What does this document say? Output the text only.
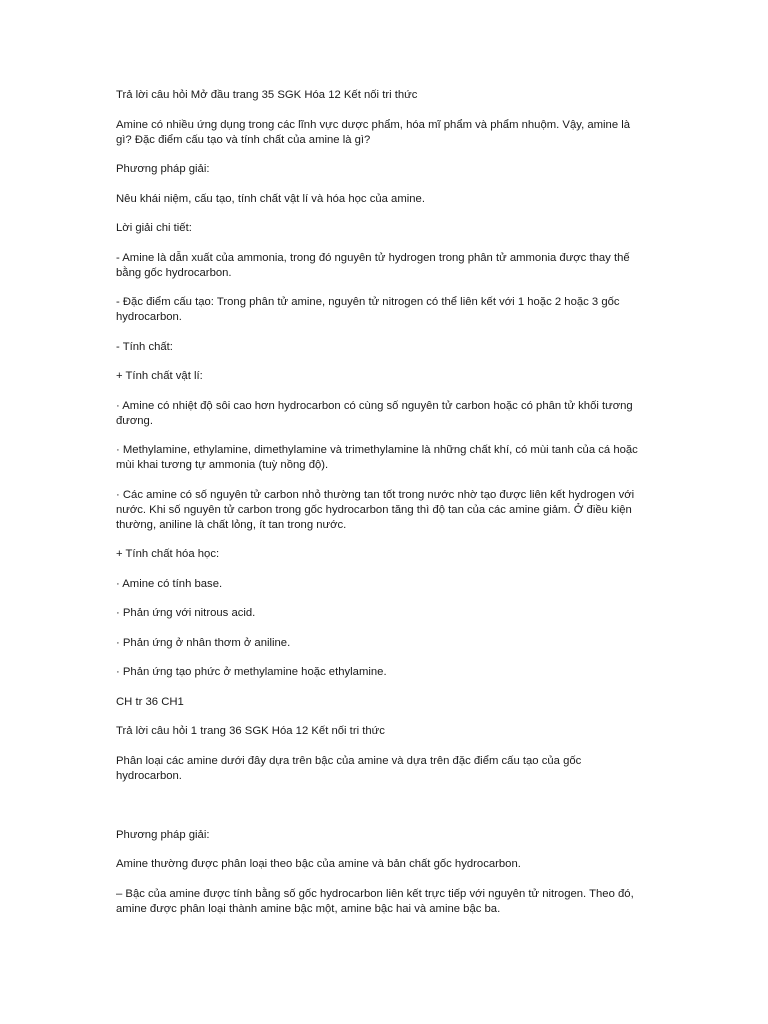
Trả lời câu hỏi Mở đầu trang 35 SGK Hóa 12 Kết nối tri thức

Amine có nhiều ứng dụng trong các lĩnh vực dược phẩm, hóa mĩ phẩm và phẩm nhuộm. Vậy, amine là gì? Đặc điểm cấu tạo và tính chất của amine là gì?

Phương pháp giải:

Nêu khái niệm, cấu tạo, tính chất vật lí và hóa học của amine.

Lời giải chi tiết:

- Amine là dẫn xuất của ammonia, trong đó nguyên tử hydrogen trong phân tử ammonia được thay thế bằng gốc hydrocarbon.

- Đặc điểm cấu tạo: Trong phân tử amine, nguyên tử nitrogen có thể liên kết với 1 hoặc 2 hoặc 3 gốc hydrocarbon.

- Tính chất:

+ Tính chất vật lí:

· Amine có nhiệt độ sôi cao hơn hydrocarbon có cùng số nguyên tử carbon hoặc có phân tử khối tương đương.

· Methylamine, ethylamine, dimethylamine và trimethylamine là những chất khí, có mùi tanh của cá hoặc mùi khai tương tự ammonia (tuỳ nồng độ).

· Các amine có số nguyên tử carbon nhỏ thường tan tốt trong nước nhờ tạo được liên kết hydrogen với nước. Khi số nguyên tử carbon trong gốc hydrocarbon tăng thì độ tan của các amine giảm. Ở điều kiện thường, aniline là chất lỏng, ít tan trong nước.

+ Tính chất hóa học:

· Amine có tính base.

· Phản ứng với nitrous acid.

· Phản ứng ở nhân thơm ở aniline.

· Phản ứng tạo phức ở methylamine hoặc ethylamine.

CH tr 36 CH1

Trả lời câu hỏi 1 trang 36 SGK Hóa 12 Kết nối tri thức

Phân loại các amine dưới đây dựa trên bậc của amine và dựa trên đặc điểm cấu tạo của gốc hydrocarbon.

Phương pháp giải:

Amine thường được phân loại theo bậc của amine và bản chất gốc hydrocarbon.

– Bậc của amine được tính bằng số gốc hydrocarbon liên kết trực tiếp với nguyên tử nitrogen. Theo đó, amine được phân loại thành amine bậc một, amine bậc hai và amine bậc ba.
